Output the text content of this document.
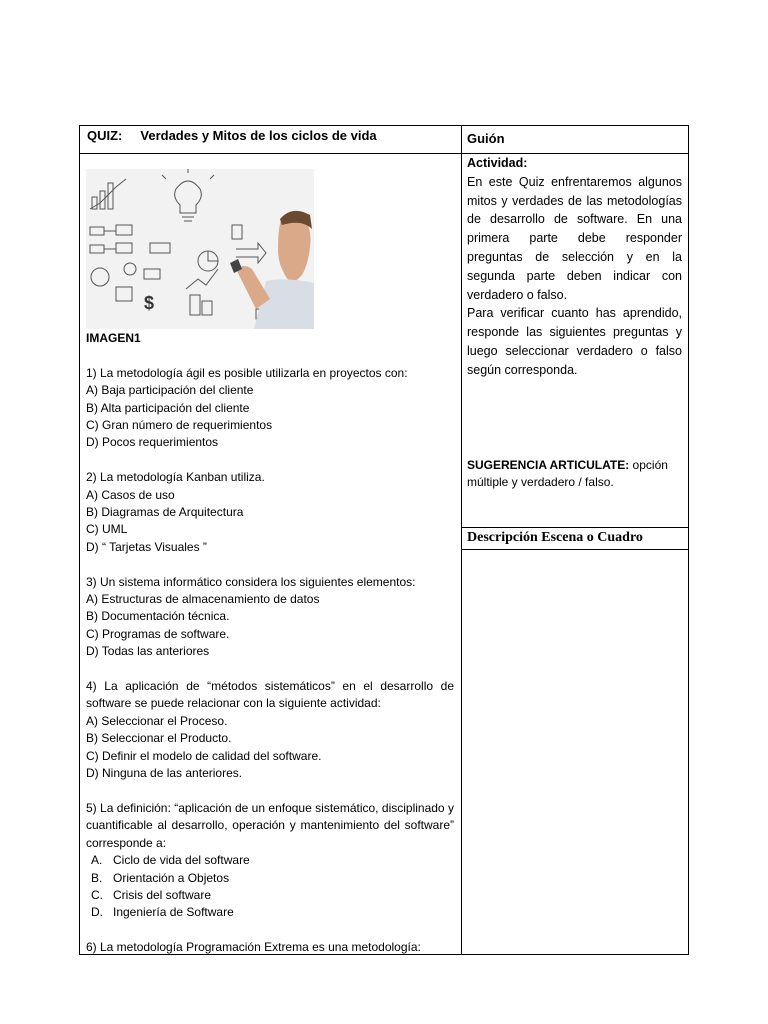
QUIZ: Verdades y Mitos de los ciclos de vida	Guión
$

IMAGEN1

1) La metodología ágil es posible utilizarla en proyectos con:

A) Baja participación del cliente

B) Alta participación del cliente

C) Gran número de requerimientos

D) Pocos requerimientos

2) La metodología Kanban utiliza.

A) Casos de uso

B) Diagramas de Arquitectura

C) UML

D) “ Tarjetas Visuales ”

3) Un sistema informático considera los siguientes elementos:

A) Estructuras de almacenamiento de datos

B) Documentación técnica.

C) Programas de software.

D) Todas las anteriores

4) La aplicación de “métodos sistemáticos” en el desarrollo de software se puede relacionar con la siguiente actividad:

A) Seleccionar el Proceso.

B) Seleccionar el Producto.

C) Definir el modelo de calidad del software.

D) Ninguna de las anteriores.

5) La definición: “aplicación de un enfoque sistemático, disciplinado y cuantificable al desarrollo, operación y mantenimiento del software” corresponde a:

A. Ciclo de vida del software
B. Orientación a Objetos
C. Crisis del software
D. Ingeniería de Software

6) La metodología Programación Extrema es una metodología:

Actividad:

En este Quiz enfrentaremos algunos mitos y verdades de las metodologías de desarrollo de software. En una primera parte debe responder preguntas de selección y en la segunda parte deben indicar con verdadero o falso.

Para verificar cuanto has aprendido, responde las siguientes preguntas y luego seleccionar verdadero o falso según corresponda.

SUGERENCIA ARTICULATE: opción múltiple y verdadero / falso.
Descripción Escena o Cuadro
